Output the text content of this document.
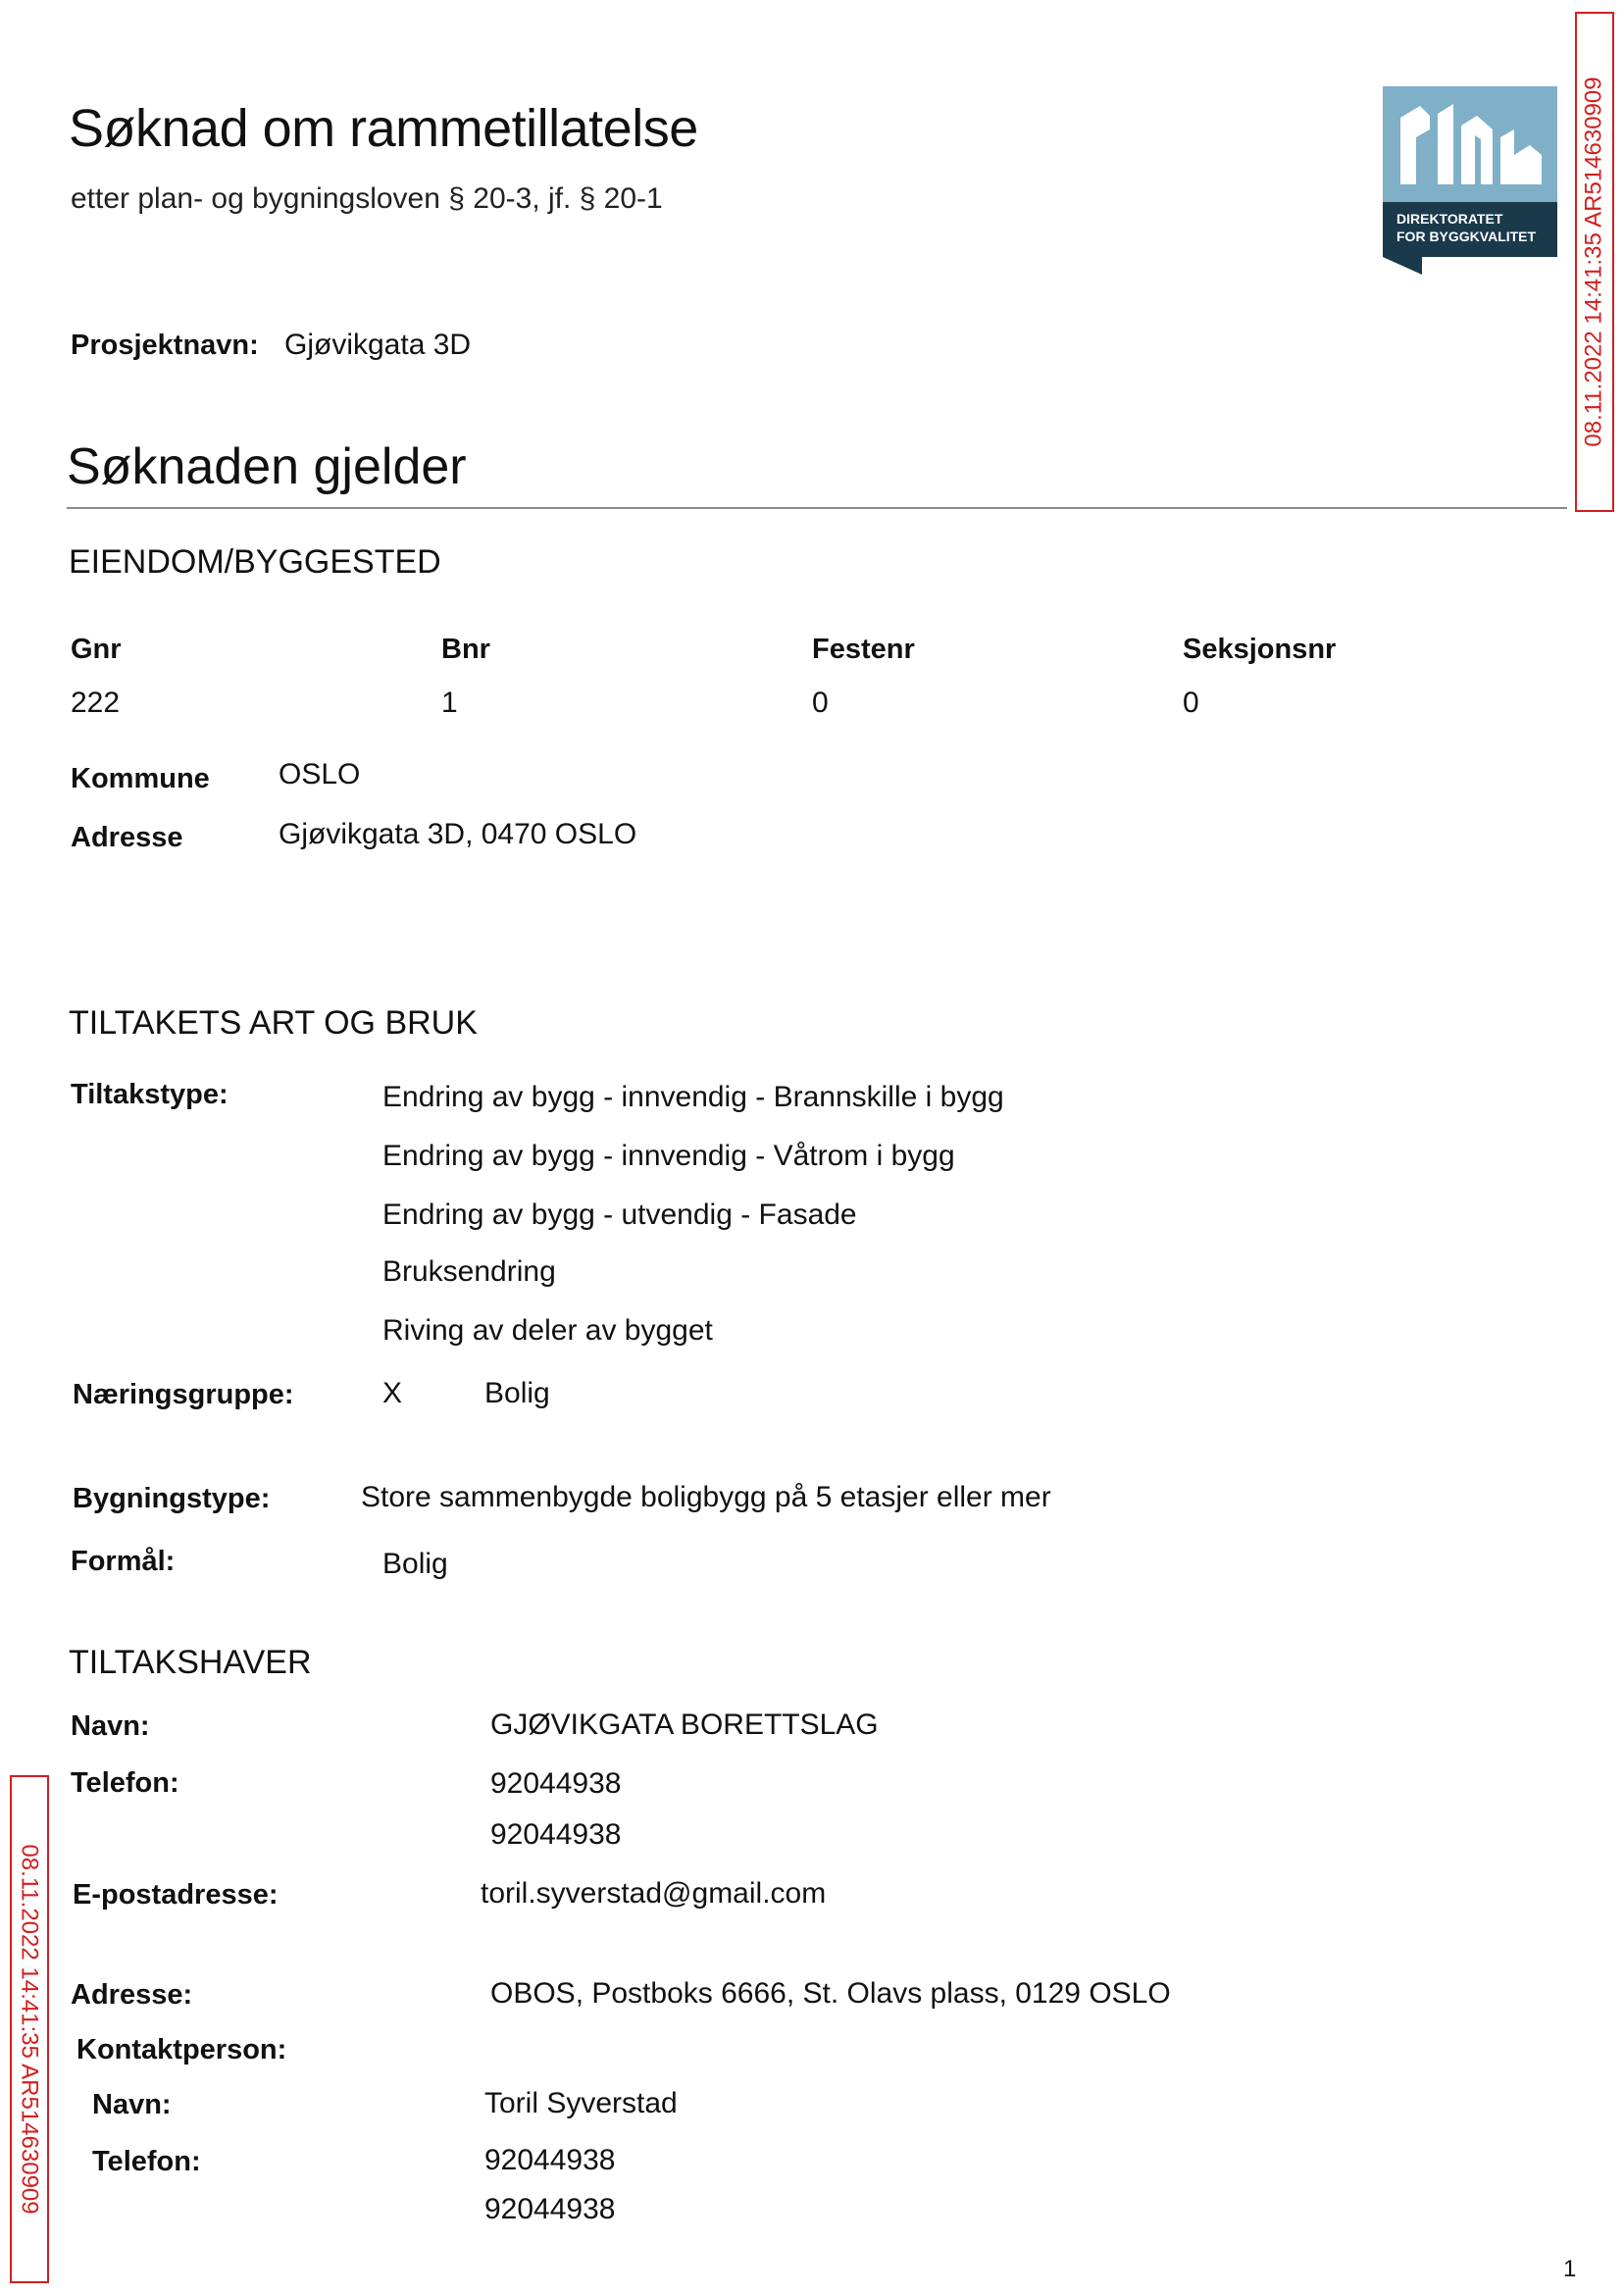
Søknad om rammetillatelse
etter plan- og bygningsloven § 20-3, jf. § 20-1
DIREKTORATET
FOR BYGGKVALITET 08.11.2022 14:41:35 AR514630909
08.11.2022 14:41:35 AR514630909
Prosjektnavn: Gjøvikgata 3D
Søknaden gjelder
EIENDOM/BYGGESTED
Gnr	Bnr	Festenr	Seksjonsnr
222	1	0	0
Kommune OSLO
Adresse	Gjøvikgata 3D, 0470 OSLO
TILTAKETS ART OG BRUK
Tiltakstype:	Endring av bygg - innvendig - Brannskille i bygg
Endring av bygg - innvendig - Våtrom i bygg
Endring av bygg - utvendig - Fasade
Bruksendring
Riving av deler av bygget
Næringsgruppe:	X	Bolig
Bygningstype:	Store sammenbygde boligbygg på 5 etasjer eller mer
Formål:	Bolig
TILTAKSHAVER
Navn:	GJØVIKGATA BORETTSLAG
Telefon:	92044938
92044938
E-postadresse:	toril.syverstad@gmail.com
Adresse:	OBOS, Postboks 6666, St. Olavs plass, 0129 OSLO
Kontaktperson:
Navn:	Toril Syverstad
Telefon:	92044938
92044938
1
